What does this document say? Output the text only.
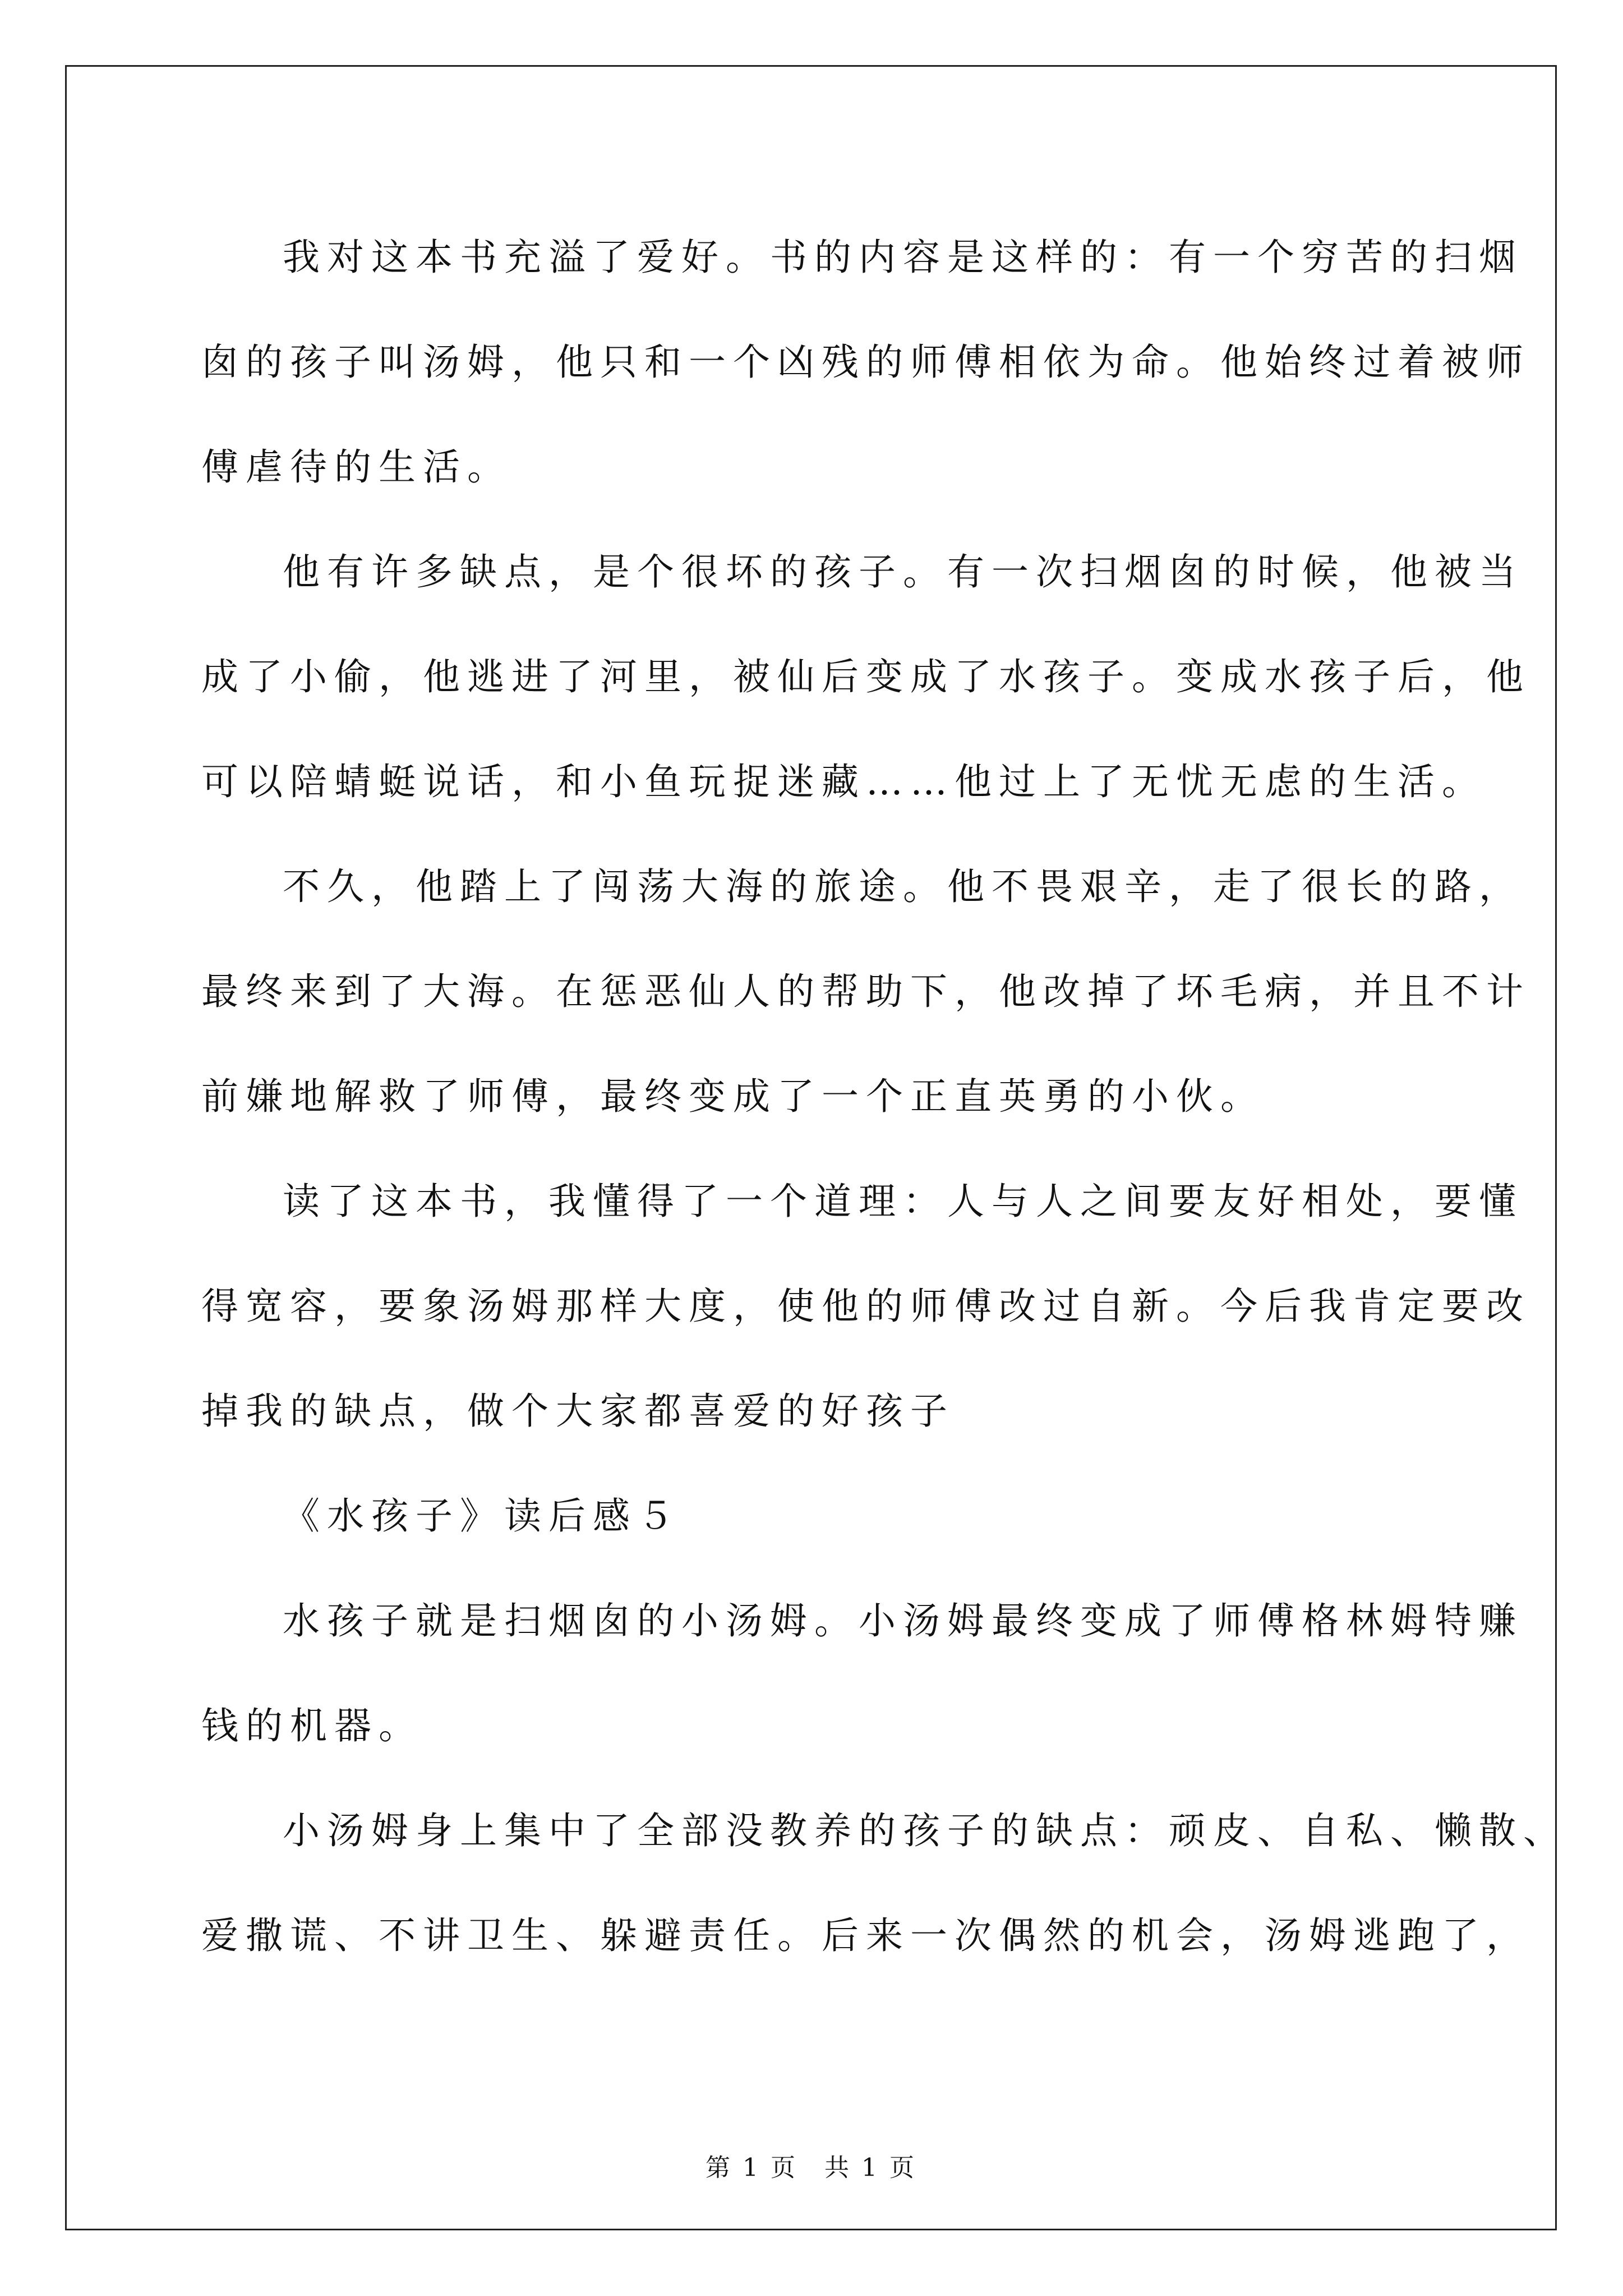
我对这本书充溢了爱好。书的内容是这样的：有一个穷苦的扫烟
囱的孩子叫汤姆，他只和一个凶残的师傅相依为命。他始终过着被师
傅虐待的生活。
他有许多缺点，是个很坏的孩子。有一次扫烟囱的时候，他被当
成了小偷，他逃进了河里，被仙后变成了水孩子。变成水孩子后，他
可以陪蜻蜓说话，和小鱼玩捉迷藏……他过上了无忧无虑的生活。
不久，他踏上了闯荡大海的旅途。他不畏艰辛，走了很长的路，
最终来到了大海。在惩恶仙人的帮助下，他改掉了坏毛病，并且不计
前嫌地解救了师傅，最终变成了一个正直英勇的小伙。
读了这本书，我懂得了一个道理：人与人之间要友好相处，要懂
得宽容，要象汤姆那样大度，使他的师傅改过自新。今后我肯定要改
掉我的缺点，做个大家都喜爱的好孩子
《水孩子》读后感５
水孩子就是扫烟囱的小汤姆。小汤姆最终变成了师傅格林姆特赚
钱的机器。
小汤姆身上集中了全部没教养的孩子的缺点：顽皮、自私、懒散、
爱撒谎、不讲卫生、躲避责任。后来一次偶然的机会，汤姆逃跑了，
第 1 页　共 1 页
